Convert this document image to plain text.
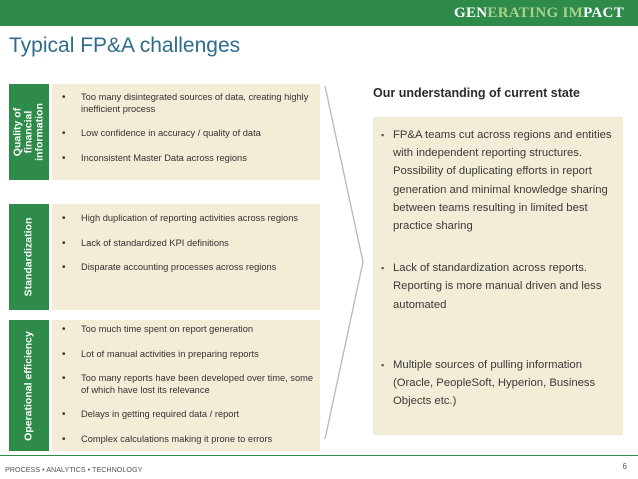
GENERATING IMPACT
Typical FP&A challenges
Quality of financial information
• Too many disintegrated sources of data, creating highly inefficient process
• Low confidence in accuracy / quality of data
• Inconsistent Master Data across regions
Standardization
•	High duplication of reporting activities across regions
• Lack of standardized KPI definitions
• Disparate accounting processes across regions
Operational efficiency
• Too much time spent on report generation
• Lot of manual activities in preparing reports
• Too many reports have been developed over time, some of which have lost its relevance
• Delays in getting required data / report
• Complex calculations making it prone to errors
Our understanding of current state
▪ FP&A teams cut across regions and entities with independent reporting structures. Possibility of duplicating efforts in report generation and minimal knowledge sharing between teams resulting in limited best practice sharing
▪ Lack of standardization across reports. Reporting is more manual driven and less automated
▪ Multiple sources of pulling information (Oracle, PeopleSoft, Hyperion, Business Objects etc.)
PROCESS • ANALYTICS • TECHNOLOGY	6
